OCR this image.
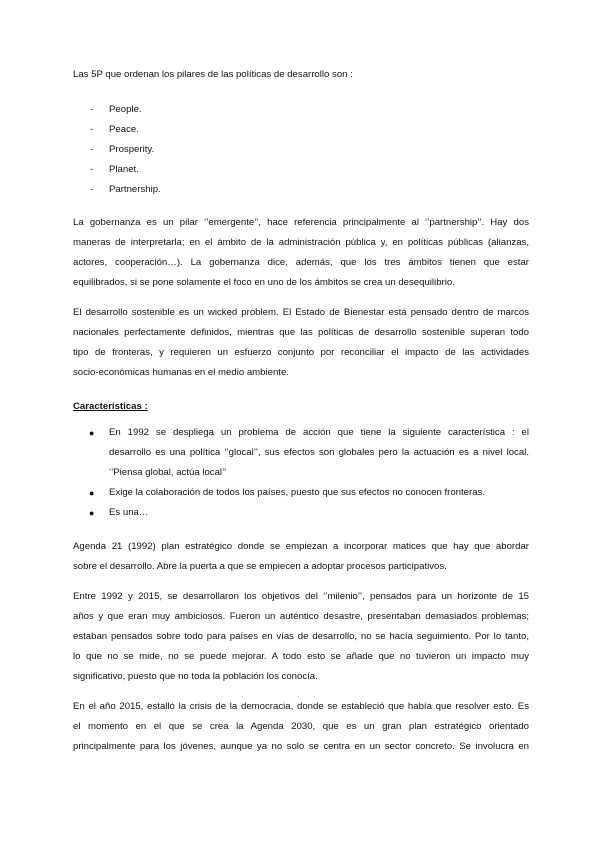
Las 5P que ordenan los pilares de las políticas de desarrollo son :

- People.
- Peace.
- Prosperity.
- Planet.
- Partnership.
La gobernanza es un pilar ‘’emergente’’, hace referencia principalmente al ‘’partnership’’. Hay dos
maneras de interpretarla; en el ámbito de la administración pública y, en políticas públicas (alianzas,
actores, cooperación…). La gobernanza dice, además, que los tres ámbitos tienen que estar
equilibrados, si se pone solamente el foco en uno de los ámbitos se crea un desequilibrio.
El desarrollo sostenible es un wicked problem. El Estado de Bienestar está pensado dentro de marcos
nacionales perfectamente definidos, mientras que las políticas de desarrollo sostenible superan todo
tipo de fronteras, y requieren un esfuerzo conjunto por reconciliar el impacto de las actividades
socio-económicas humanas en el medio ambiente.
Características :
● En 1992 se despliega un problema de acción que tiene la siguiente característica : el
desarrollo es una política ‘’glocal’’, sus efectos son globales pero la actuación es a nivel local.
‘’Piensa global, actúa local’’
● Exige la colaboración de todos los países, puesto que sus efectos no conocen fronteras.
● Es una…
Agenda 21 (1992) plan estratégico donde se empiezan a incorporar matices que hay que abordar
sobre el desarrollo. Abre la puerta a que se empiecen a adoptar procesos participativos.
Entre 1992 y 2015, se desarrollaron los objetivos del ‘’milenio’’, pensados para un horizonte de 15
años y que eran muy ambiciosos. Fueron un auténtico desastre, presentaban demasiados problemas;
estaban pensados sobre todo para países en vías de desarrollo, no se hacía seguimiento. Por lo tanto,
lo que no se mide, no se puede mejorar. A todo esto se añade que no tuvieron un impacto muy
significativo, puesto que no toda la población los conocía.
En el año 2015, estalló la crisis de la democracia, donde se estableció que había que resolver esto. Es
el momento en el que se crea la Agenda 2030, que es un gran plan estratégico orientado
principalmente para los jóvenes, aunque ya no solo se centra en un sector concreto. Se involucra en
